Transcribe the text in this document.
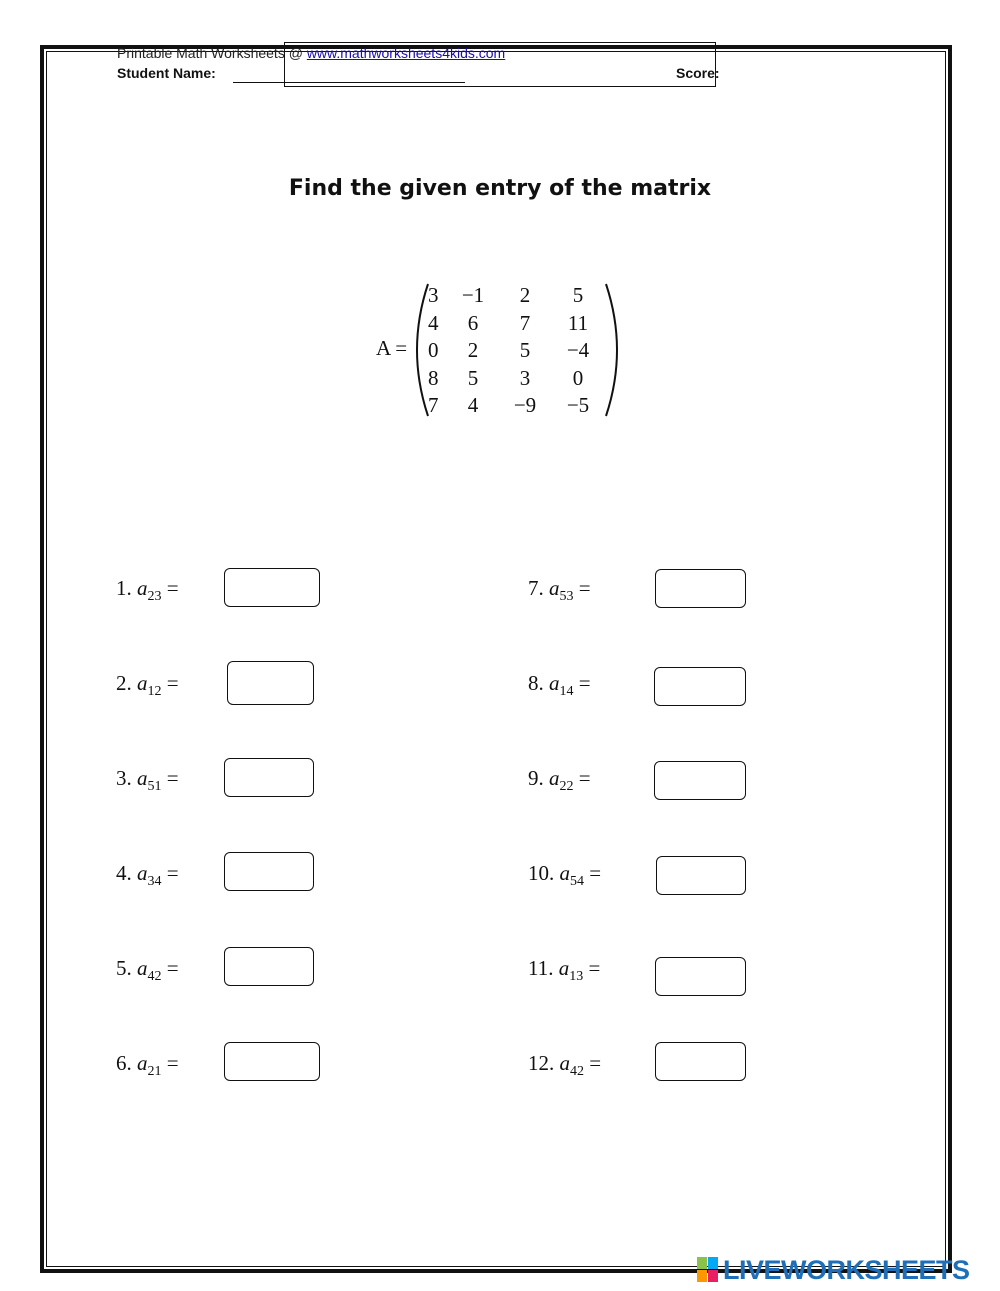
Printable Math Worksheets @ www.mathworksheets4kids.com
Student Name:	Score:
Find the given entry of the matrix
A =
3	−1	2	5
4	6	7	11
0	2	5	−4
8	5	3	0
7	4	−9	−5
1. $a_{23}$ =
2. $a_{12}$ =
3. $a_{51}$ =
4. $a_{34}$ =
5. $a_{42}$ =
6. $a_{21}$ =
7. $a_{53}$ =
8. $a_{14}$ =
9. $a_{22}$ =
10. $a_{54}$ =
11. $a_{13}$ =
12. $a_{42}$ =
LIVEWORKSHEETS
